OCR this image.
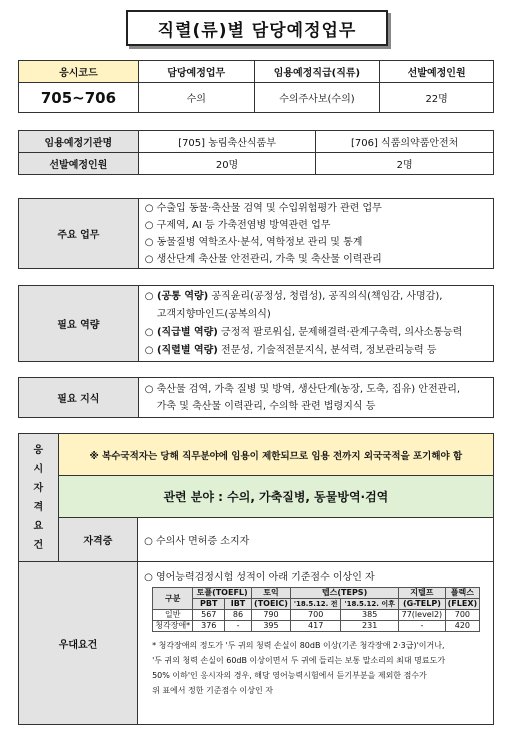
직렬(류)별 담당예정업무
응시코드	담당예정업무	임용예정직급(직류)	선발예정인원
705~706	수의	수의주사보(수의)	22명
임용예정기관명	[705] 농림축산식품부	[706] 식품의약품안전처
선발예정인원	20명	2명
주요 업무	
○ 수출입 동물·축산물 검역 및 수입위험평가 관련 업무
○ 구제역, AI 등 가축전염병 방역관련 업무
○ 동물질병 역학조사·분석, 역학정보 관리 및 통계
○ 생산단계 축산물 안전관리, 가축 및 축산물 이력관리
필요 역량	
○ (공통 역량) 공직윤리(공정성, 청렴성), 공직의식(책임감, 사명감),
고객지향마인드(공복의식)
○ (직급별 역량) 긍정적 팔로워십, 문제해결력·관계구축력, 의사소통능력
○ (직렬별 역량) 전문성, 기술적전문지식, 분석력, 정보관리능력 등
필요 지식	
○ 축산물 검역, 가축 질병 및 방역, 생산단계(농장, 도축, 집유) 안전관리,
가축 및 축산물 이력관리, 수의학 관련 법령지식 등
응
시
자
격
요
건
	※ 복수국적자는 당해 직무분야에 임용이 제한되므로 임용 전까지 외국국적을 포기해야 함
관련 분야 : 수의, 가축질병, 동물방역·검역
자격증	○ 수의사 면허증 소지자
우대요건	
○ 영어능력검정시험 성적이 아래 기준점수 이상인 자
구분	토플(TOEFL)	토익	텝스(TEPS)	지텔프	플렉스
PBT	IBT	(TOEIC)	'18.5.12. 전	'18.5.12. 이후	(G-TELP)	(FLEX)
일반	567	86	790	700	385	77(level2)	700
청각장애*	376	-	395	417	231	-	420
* 청각장애의 정도가 '두 귀의 청력 손실이 80dB 이상(기존 청각장애 2·3급)'이거나,
'두 귀의 청력 손실이 60dB 이상이면서 두 귀에 들리는 보통 말소리의 최대 명료도가
50% 이하'인 응시자의 경우, 해당 영어능력시험에서 듣기부분을 제외한 점수가
위 표에서 정한 기준점수 이상인 자
